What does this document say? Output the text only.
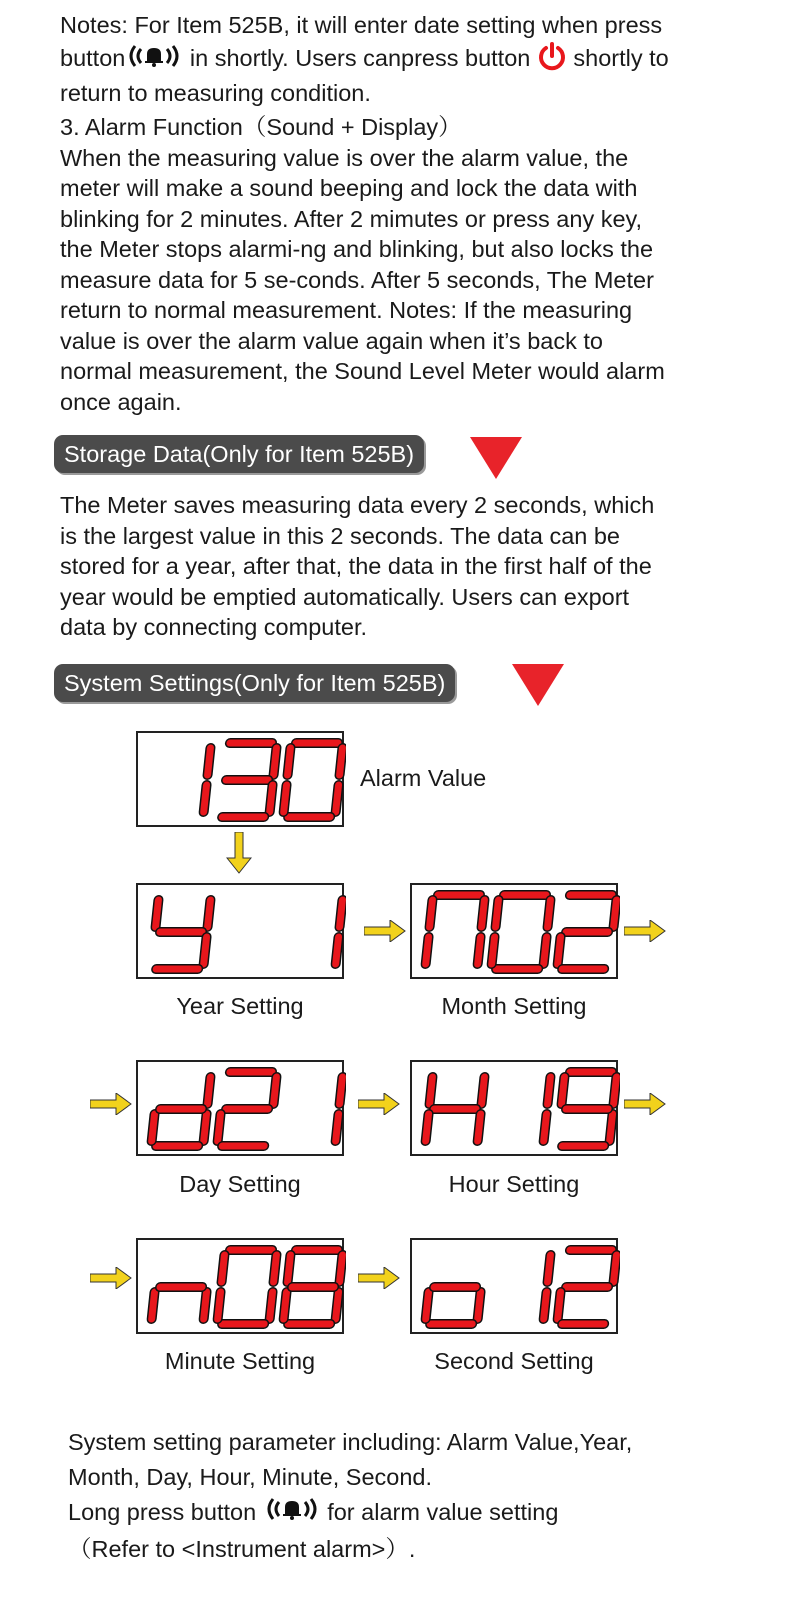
Notes: For Item 525B, it will enter date setting when press
button	in shortly. Users canpress button shortly to
return to measuring condition.
3. Alarm Function（Sound + Display）
When the measuring value is over the alarm value, the
meter will make a sound beeping and lock the data with
blinking for 2 minutes. After 2 mimutes or press any key,
the Meter stops alarmi-ng and blinking, but also locks the
measure data for 5 se-conds. After 5 seconds, The Meter
return to normal measurement. Notes: If the measuring
value is over the alarm value again when it’s back to
normal measurement, the Sound Level Meter would alarm
once again.
Storage Data(Only for Item 525B)
The Meter saves measuring data every 2 seconds, which
is the largest value in this 2 seconds. The data can be
stored for a year, after that, the data in the first half of the
year would be emptied automatically. Users can export
data by connecting computer.
System Settings(Only for Item 525B)
Alarm Value
Year Setting	Month Setting
Day Setting	Hour Setting
Minute Setting	Second Setting
System setting parameter including: Alarm Value,Year,
Month, Day, Hour, Minute, Second.
Long press button	for alarm value setting
（Refer to <Instrument alarm>）.
